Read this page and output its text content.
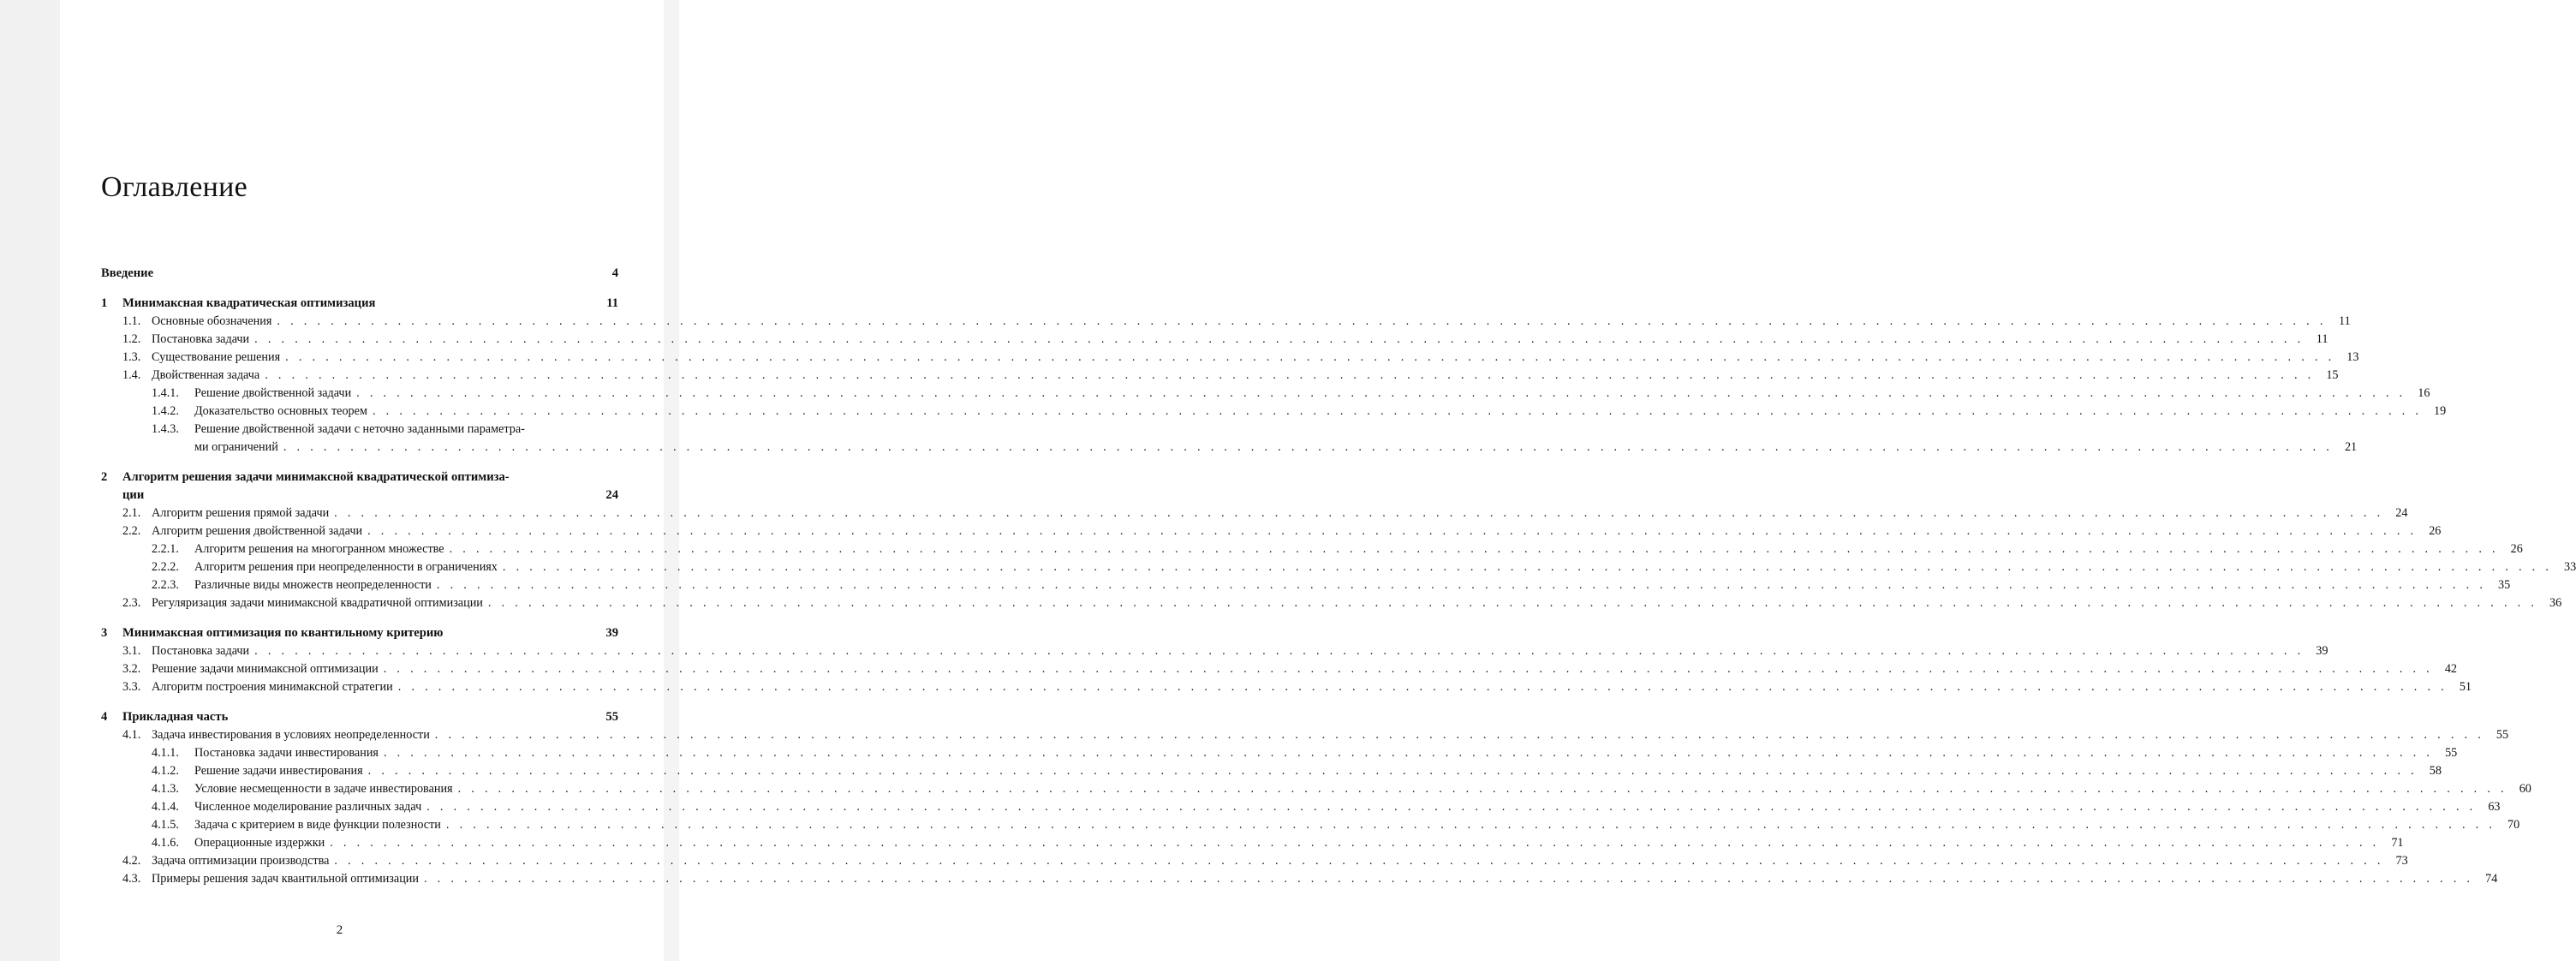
Оглавление
Введение	4
1	Минимаксная квадратическая оптимизация	11
1.1. Основные обозначения . . .	11
1.2. Постановка задачи . . .	11
1.3. Существование решения . . .	13
1.4. Двойственная задача . . .	15
1.4.1.	Решение двойственной задачи . . .	16
1.4.2.	Доказательство основных теорем . . .	19
1.4.3.	Решение двойственной задачи с неточно заданными параметра-
ми ограничений . . .	21
2	Алгоритм решения задачи минимаксной квадратической оптимиза-
ции	24
2.1. Алгоритм решения прямой задачи . . .	24
2.2. Алгоритм решения двойственной задачи . . .	26
2.2.1.	Алгоритм решения на многогранном множестве . . .	26
2.2.2.	Алгоритм решения при неопределенности в ограничениях . . .	33
2.2.3.	Различные виды множеств неопределенности . . .	35
2.3. Регуляризация задачи минимаксной квадратичной оптимизации . . .	36
3	Минимаксная оптимизация по квантильному критерию	39
3.1. Постановка задачи . . .	39
3.2. Решение задачи минимаксной оптимизации . . .	42
3.3. Алгоритм построения минимаксной стратегии . . .	51
4	Прикладная часть	55
4.1. Задача инвестирования в условиях неопределенности . . .	55
4.1.1.	Постановка задачи инвестирования . . .	55
4.1.2.	Решение задачи инвестирования . . .	58
4.1.3.	Условие несмещенности в задаче инвестирования . . .	60
4.1.4.	Численное моделирование различных задач . . .	63
4.1.5.	Задача с критерием в виде функции полезности . . .	70
4.1.6.	Операционные издержки . . .	71
4.2. Задача оптимизации производства . . .	73
4.3. Примеры решения задач квантильной оптимизации . . .	74
2
